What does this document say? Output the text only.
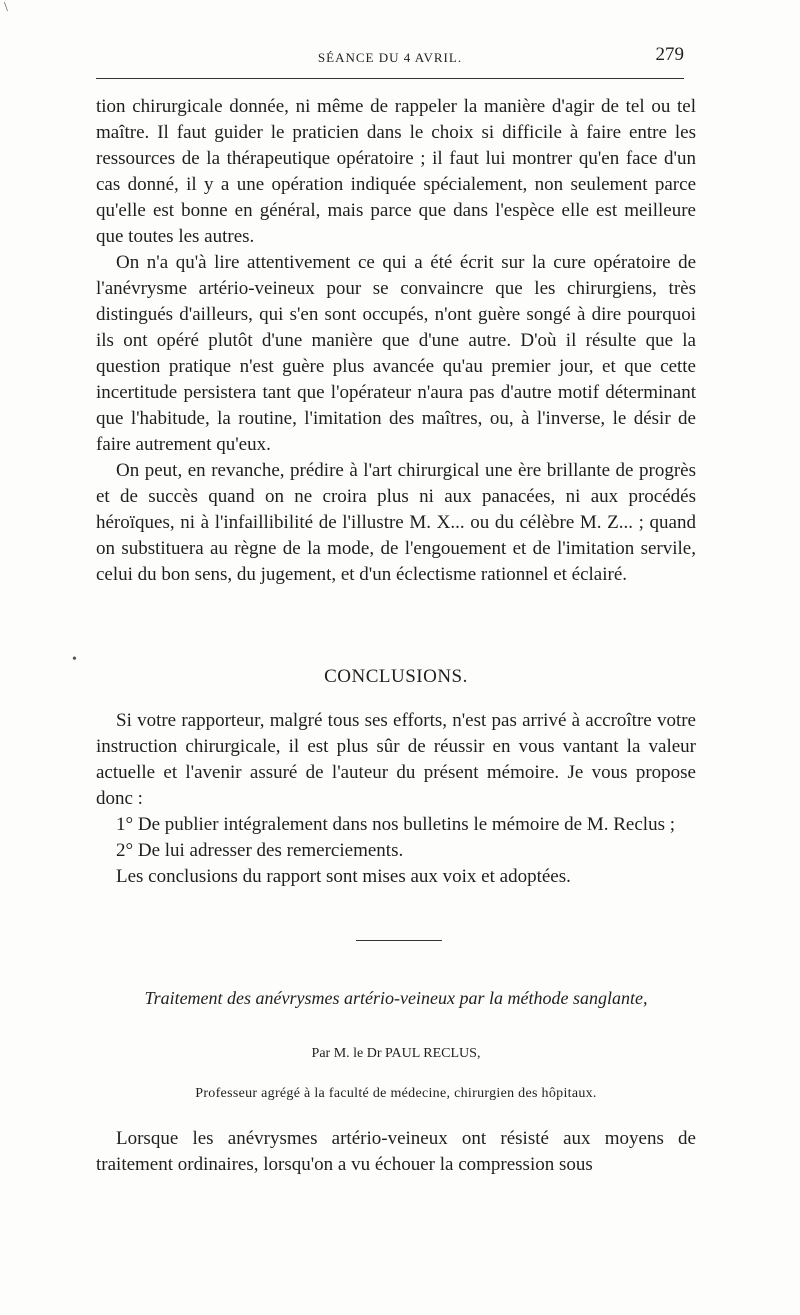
\
•
SÉANCE DU 4 AVRIL.	279

tion chirurgicale donnée, ni même de rappeler la manière d'agir de tel ou tel maître. Il faut guider le praticien dans le choix si difficile à faire entre les ressources de la thérapeutique opératoire ; il faut lui montrer qu'en face d'un cas donné, il y a une opération indiquée spécialement, non seulement parce qu'elle est bonne en général, mais parce que dans l'espèce elle est meilleure que toutes les autres.

On n'a qu'à lire attentivement ce qui a été écrit sur la cure opératoire de l'anévrysme artério-veineux pour se convaincre que les chirurgiens, très distingués d'ailleurs, qui s'en sont occupés, n'ont guère songé à dire pourquoi ils ont opéré plutôt d'une manière que d'une autre. D'où il résulte que la question pratique n'est guère plus avancée qu'au premier jour, et que cette incertitude persistera tant que l'opérateur n'aura pas d'autre motif déterminant que l'habitude, la routine, l'imitation des maîtres, ou, à l'inverse, le désir de faire autrement qu'eux.

On peut, en revanche, prédire à l'art chirurgical une ère brillante de progrès et de succès quand on ne croira plus ni aux panacées, ni aux procédés héroïques, ni à l'infaillibilité de l'illustre M. X... ou du célèbre M. Z... ; quand on substituera au règne de la mode, de l'engouement et de l'imitation servile, celui du bon sens, du jugement, et d'un éclectisme rationnel et éclairé.

CONCLUSIONS.

Si votre rapporteur, malgré tous ses efforts, n'est pas arrivé à accroître votre instruction chirurgicale, il est plus sûr de réussir en vous vantant la valeur actuelle et l'avenir assuré de l'auteur du présent mémoire. Je vous propose donc :

1° De publier intégralement dans nos bulletins le mémoire de M. Reclus ;

2° De lui adresser des remerciements.

Les conclusions du rapport sont mises aux voix et adoptées.

Traitement des anévrysmes artério-veineux par la méthode sanglante,
Par M. le Dr PAUL RECLUS,
Professeur agrégé à la faculté de médecine, chirurgien des hôpitaux.

Lorsque les anévrysmes artério-veineux ont résisté aux moyens de traitement ordinaires, lorsqu'on a vu échouer la compression sous
